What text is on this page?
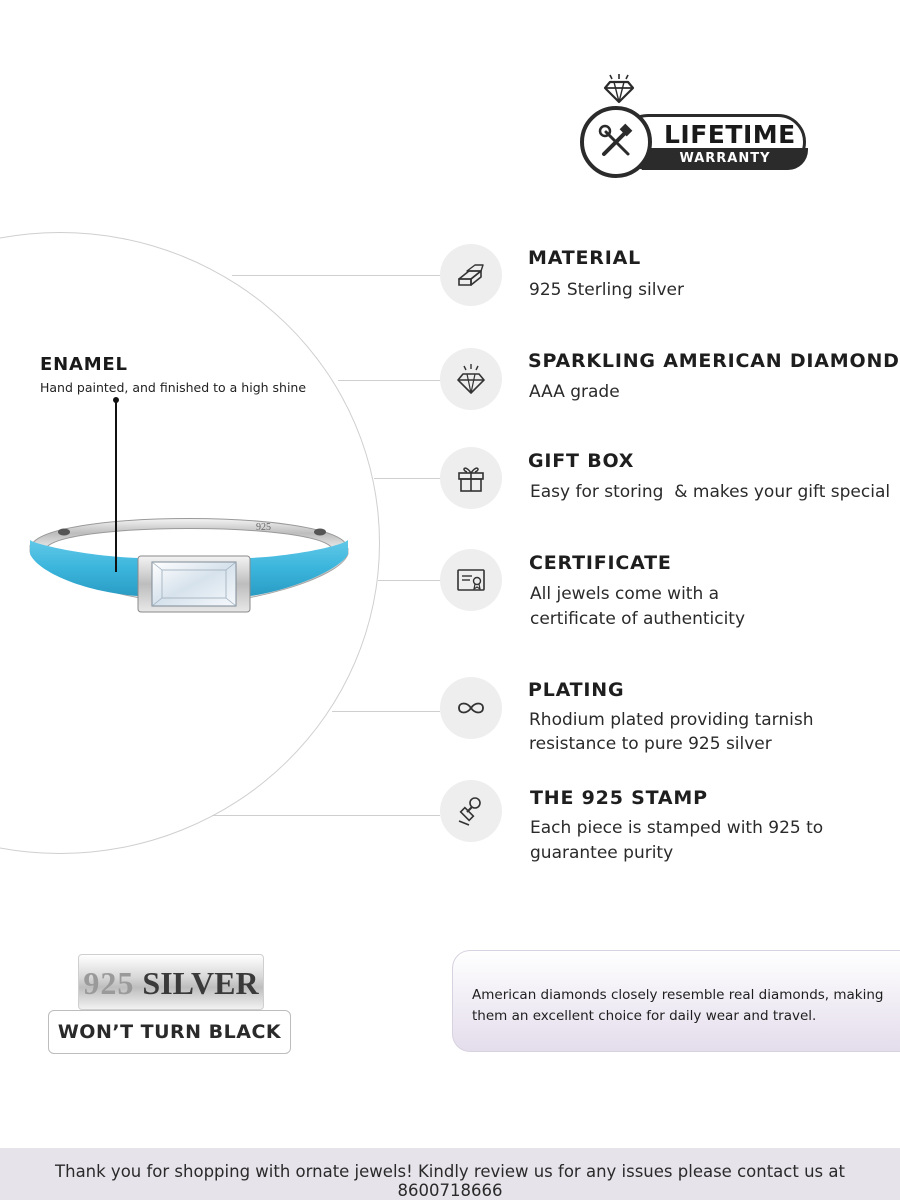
WARRANTY
LIFETIME
ENAMEL
Hand painted, and finished to a high shine
925
MATERIAL
925 Sterling silver
SPARKLING AMERICAN DIAMOND
AAA grade
GIFT BOX
Easy for storing  & makes your gift special
CERTIFICATE
All jewels come with a
certificate of authenticity
PLATING
Rhodium plated providing tarnish
resistance to pure 925 silver
THE 925 STAMP
Each piece is stamped with 925 to
guarantee purity
925 SILVER
WON’T TURN BLACK
American diamonds closely resemble real diamonds, making them an excellent choice for daily wear and travel.
Thank you for shopping with ornate jewels! Kindly review us for any issues please contact us at 8600718666
